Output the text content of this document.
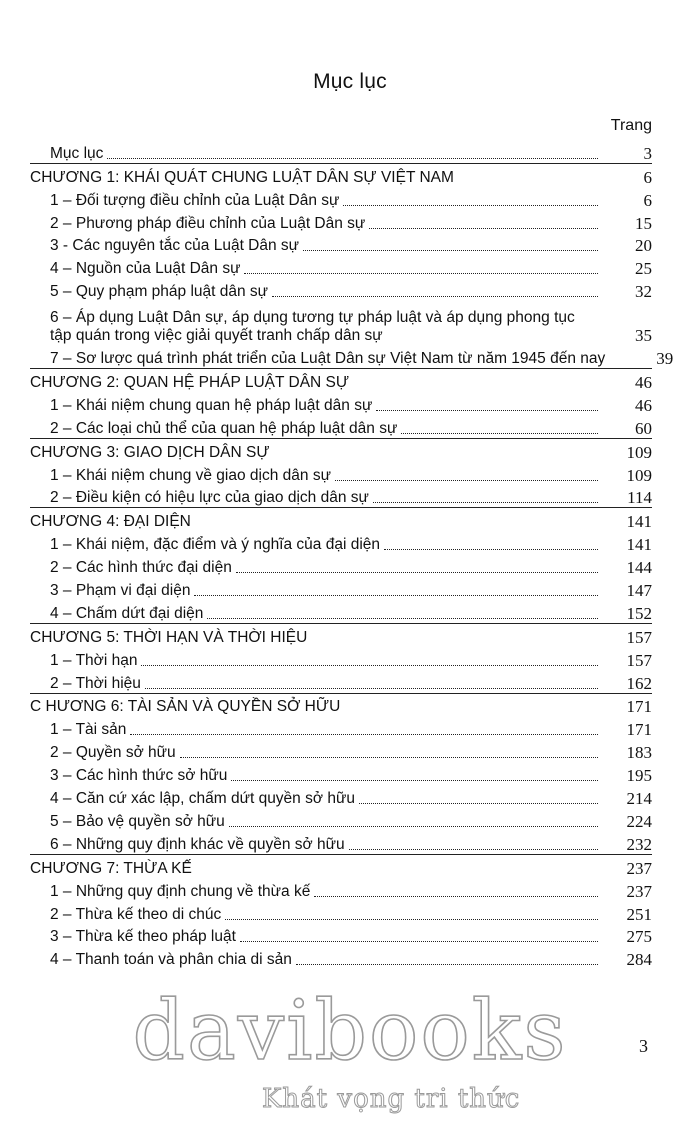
Mục lục
Trang
Mục lục	3
CHƯƠNG 1: KHÁI QUÁT CHUNG LUẬT DÂN SỰ VIỆT NAM	6
1 – Đối tượng điều chỉnh của Luật Dân sự	6
2 – Phương pháp điều chỉnh của Luật Dân sự	15
3 - Các nguyên tắc của Luật Dân sự	20
4 – Nguồn của Luật Dân sự	25
5 – Quy phạm pháp luật dân sự	32
6 – Áp dụng Luật Dân sự, áp dụng tương tự pháp luật và áp dụng phong tục tập quán trong việc giải quyết tranh chấp dân sự	35
7 – Sơ lược quá trình phát triển của Luật Dân sự Việt Nam từ năm 1945 đến nay	39
CHƯƠNG 2: QUAN HỆ PHÁP LUẬT DÂN SỰ	46
1 – Khái niệm chung quan hệ pháp luật dân sự	46
2 – Các loại chủ thể của quan hệ pháp luật dân sự	60
CHƯƠNG 3: GIAO DỊCH DÂN SỰ	109
1 – Khái niệm chung về giao dịch dân sự	109
2 – Điều kiện có hiệu lực của giao dịch dân sự	114
CHƯƠNG 4: ĐẠI DIỆN	141
1 – Khái niệm, đặc điểm và ý nghĩa của đại diện	141
2 – Các hình thức đại diện	144
3 – Phạm vi đại diện	147
4 – Chấm dứt đại diện	152
CHƯƠNG 5: THỜI HẠN VÀ THỜI HIỆU	157
1 – Thời hạn	157
2 – Thời hiệu	162
C HƯƠNG 6: TÀI SẢN VÀ QUYỀN SỞ HỮU	171
1 – Tài sản	171
2 – Quyền sở hữu	183
3 – Các hình thức sở hữu	195
4 – Căn cứ xác lập, chấm dứt quyền sở hữu	214
5 – Bảo vệ quyền sở hữu	224
6 – Những quy định khác về quyền sở hữu	232
CHƯƠNG 7: THỪA KẾ	237
1 – Những quy định chung về thừa kế	237
2 – Thừa kế theo di chúc	251
3 – Thừa kế theo pháp luật	275
4 – Thanh toán và phân chia di sản	284
3
davibooks
Khát vọng tri thức
